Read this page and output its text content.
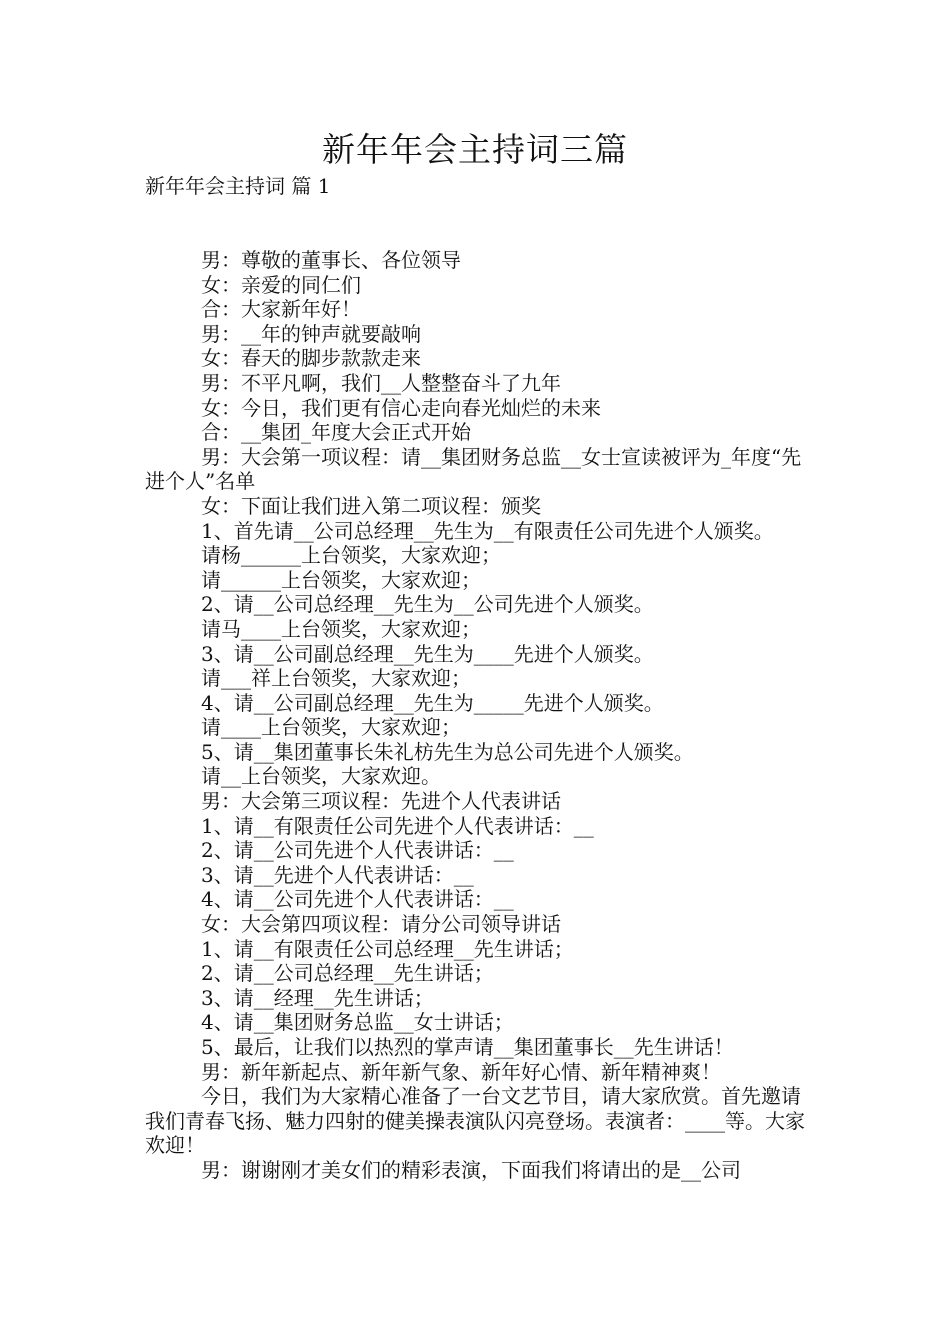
新年年会主持词三篇
新年年会主持词 篇 1

男：尊敬的董事长、各位领导

女：亲爱的同仁们

合：大家新年好！

男：__年的钟声就要敲响

女：春天的脚步款款走来

男：不平凡啊，我们__人整整奋斗了九年

女：今日，我们更有信心走向春光灿烂的未来

合：__集团_年度大会正式开始

男：大会第一项议程：请__集团财务总监__女士宣读被评为_年度“先进个人”名单

女：下面让我们进入第二项议程：颁奖

1、首先请__公司总经理__先生为__有限责任公司先进个人颁奖。

请杨______上台领奖，大家欢迎；

请______上台领奖，大家欢迎；

2、请__公司总经理__先生为__公司先进个人颁奖。

请马____上台领奖，大家欢迎；

3、请__公司副总经理__先生为____先进个人颁奖。

请___祥上台领奖，大家欢迎；

4、请__公司副总经理__先生为_____先进个人颁奖。

请____上台领奖，大家欢迎；

5、请__集团董事长朱礼枋先生为总公司先进个人颁奖。

请__上台领奖，大家欢迎。

男：大会第三项议程：先进个人代表讲话

1、请__有限责任公司先进个人代表讲话：__

2、请__公司先进个人代表讲话：__

3、请__先进个人代表讲话：__

4、请__公司先进个人代表讲话：__

女：大会第四项议程：请分公司领导讲话

1、请__有限责任公司总经理__先生讲话；

2、请__公司总经理__先生讲话；

3、请__经理__先生讲话；

4、请__集团财务总监__女士讲话；

5、最后，让我们以热烈的掌声请__集团董事长__先生讲话！

男：新年新起点、新年新气象、新年好心情、新年精神爽！

今日，我们为大家精心准备了一台文艺节目，请大家欣赏。首先邀请我们青春飞扬、魅力四射的健美操表演队闪亮登场。表演者：____等。大家欢迎！

男：谢谢刚才美女们的精彩表演，下面我们将请出的是__公司
